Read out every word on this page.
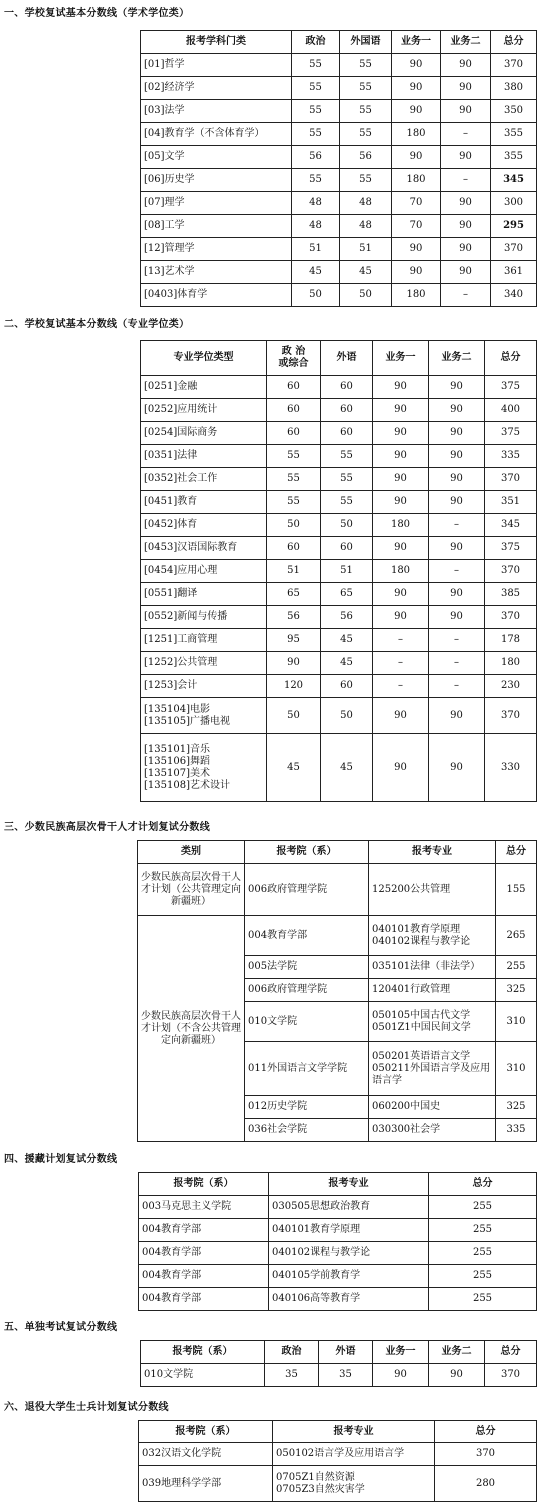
一、学校复试基本分数线（学术学位类）
报考学科门类	政治	外国语	业务一	业务二	总分
[01]哲学	55	55	90	90	370
[02]经济学	55	55	90	90	380
[03]法学	55	55	90	90	350
[04]教育学（不含体育学）	55	55	180	–	355
[05]文学	56	56	90	90	355
[06]历史学	55	55	180	–	345
[07]理学	48	48	70	90	300
[08]工学	48	48	70	90	295
[12]管理学	51	51	90	90	370
[13]艺术学	45	45	90	90	361
[0403]体育学	50	50	180	–	340
二、学校复试基本分数线（专业学位类）
专业学位类型	政 治
或综合	外语	业务一	业务二	总分
[0251]金融	60	60	90	90	375
[0252]应用统计	60	60	90	90	400
[0254]国际商务	60	60	90	90	375
[0351]法律	55	55	90	90	335
[0352]社会工作	55	55	90	90	370
[0451]教育	55	55	90	90	351
[0452]体育	50	50	180	–	345
[0453]汉语国际教育	60	60	90	90	375
[0454]应用心理	51	51	180	–	370
[0551]翻译	65	65	90	90	385
[0552]新闻与传播	56	56	90	90	370
[1251]工商管理	95	45	–	–	178
[1252]公共管理	90	45	–	–	180
[1253]会计	120	60	–	–	230
[135104]电影
[135105]广播电视	50	50	90	90	370
[135101]音乐
[135106]舞蹈
[135107]美术
[135108]艺术设计	45	45	90	90	330
三、少数民族高层次骨干人才计划复试分数线
类别	报考院（系）	报考专业	总分
少数民族高层次骨干人才计划（公共管理定向新疆班）	006政府管理学院	125200公共管理	155
少数民族高层次骨干人才计划（不含公共管理定向新疆班）	004教育学部	040101教育学原理
040102课程与教学论	265
	005法学院	035101法律（非法学）	255
	006政府管理学院	120401行政管理	325
	010文学院	050105中国古代文学
0501Z1中国民间文学	310
	011外国语言文学学院	050201英语语言文学
050211外国语言学及应用语言学	310
	012历史学院	060200中国史	325
	036社会学院	030300社会学	335
四、援藏计划复试分数线
报考院（系）	报考专业	总分
003马克思主义学院	030505思想政治教育	255
004教育学部	040101教育学原理	255
004教育学部	040102课程与教学论	255
004教育学部	040105学前教育学	255
004教育学部	040106高等教育学	255
五、单独考试复试分数线
报考院（系）	政治	外语	业务一	业务二	总分
010文学院	35	35	90	90	370
六、退役大学生士兵计划复试分数线
报考院（系）	报考专业	总分
032汉语文化学院	050102语言学及应用语言学	370
039地理科学学部	0705Z1自然资源
0705Z3自然灾害学	280
